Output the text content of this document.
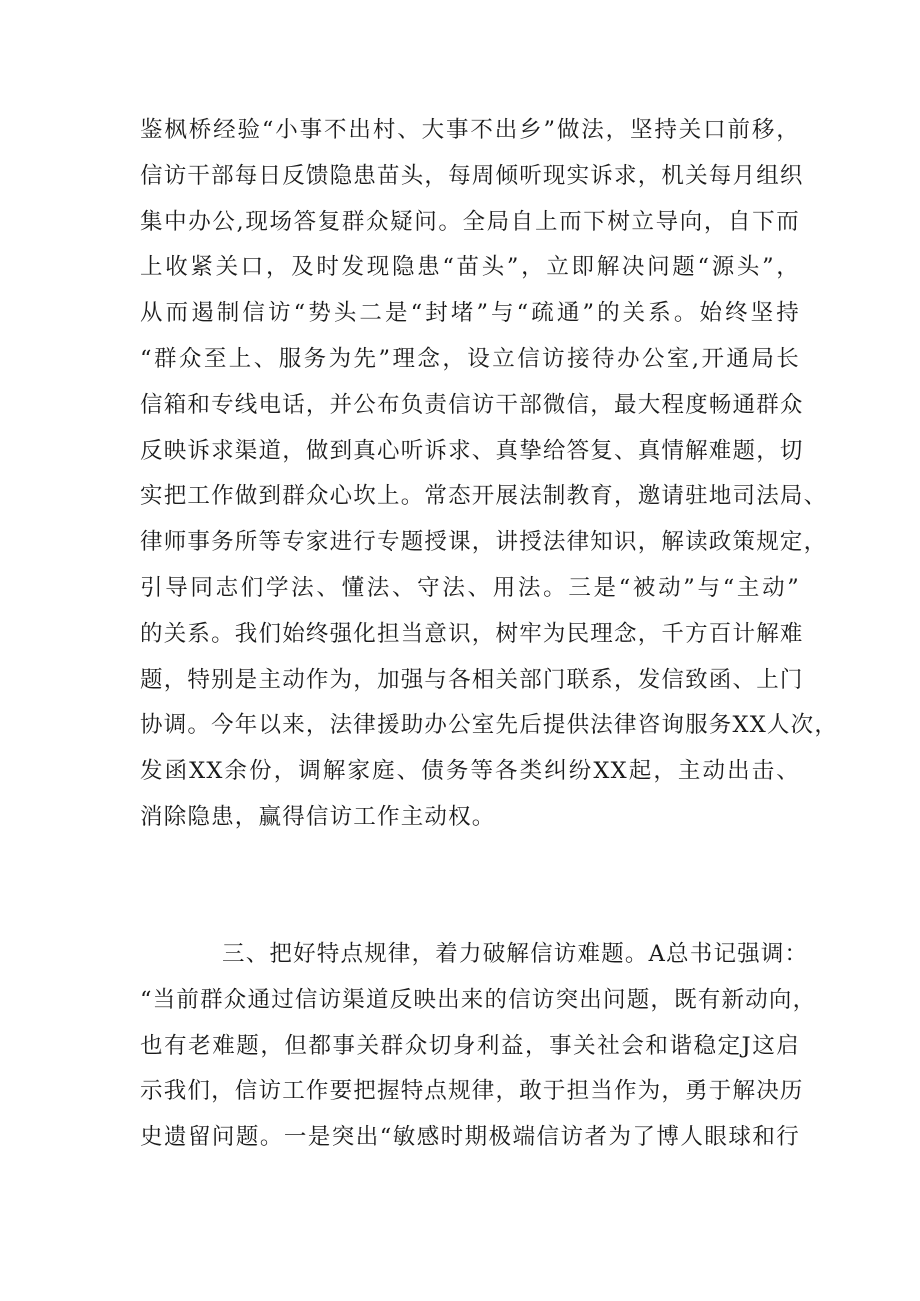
鉴枫桥经验“小事不出村、大事不出乡”做法，坚持关口前移，
信访干部每日反馈隐患苗头，每周倾听现实诉求，机关每月组织
集中办公,现场答复群众疑问。全局自上而下树立导向，自下而
上收紧关口，及时发现隐患“苗头”，立即解决问题“源头”，
从而遏制信访“势头二是“封堵”与“疏通”的关系。始终坚持
“群众至上、服务为先”理念，设立信访接待办公室,开通局长
信箱和专线电话，并公布负责信访干部微信，最大程度畅通群众
反映诉求渠道，做到真心听诉求、真挚给答复、真情解难题，切
实把工作做到群众心坎上。常态开展法制教育，邀请驻地司法局、
律师事务所等专家进行专题授课，讲授法律知识，解读政策规定，
引导同志们学法、懂法、守法、用法。三是“被动”与“主动”
的关系。我们始终强化担当意识，树牢为民理念，千方百计解难
题，特别是主动作为，加强与各相关部门联系，发信致函、上门
协调。今年以来，法律援助办公室先后提供法律咨询服务XX人次，
发函XX余份，调解家庭、债务等各类纠纷XX起，主动出击、
消除隐患，赢得信访工作主动权。
三、把好特点规律，着力破解信访难题。A总书记强调：
“当前群众通过信访渠道反映出来的信访突出问题，既有新动向，
也有老难题，但都事关群众切身利益，事关社会和谐稳定J这启
示我们，信访工作要把握特点规律，敢于担当作为，勇于解决历
史遗留问题。一是突出“敏感时期极端信访者为了博人眼球和行
